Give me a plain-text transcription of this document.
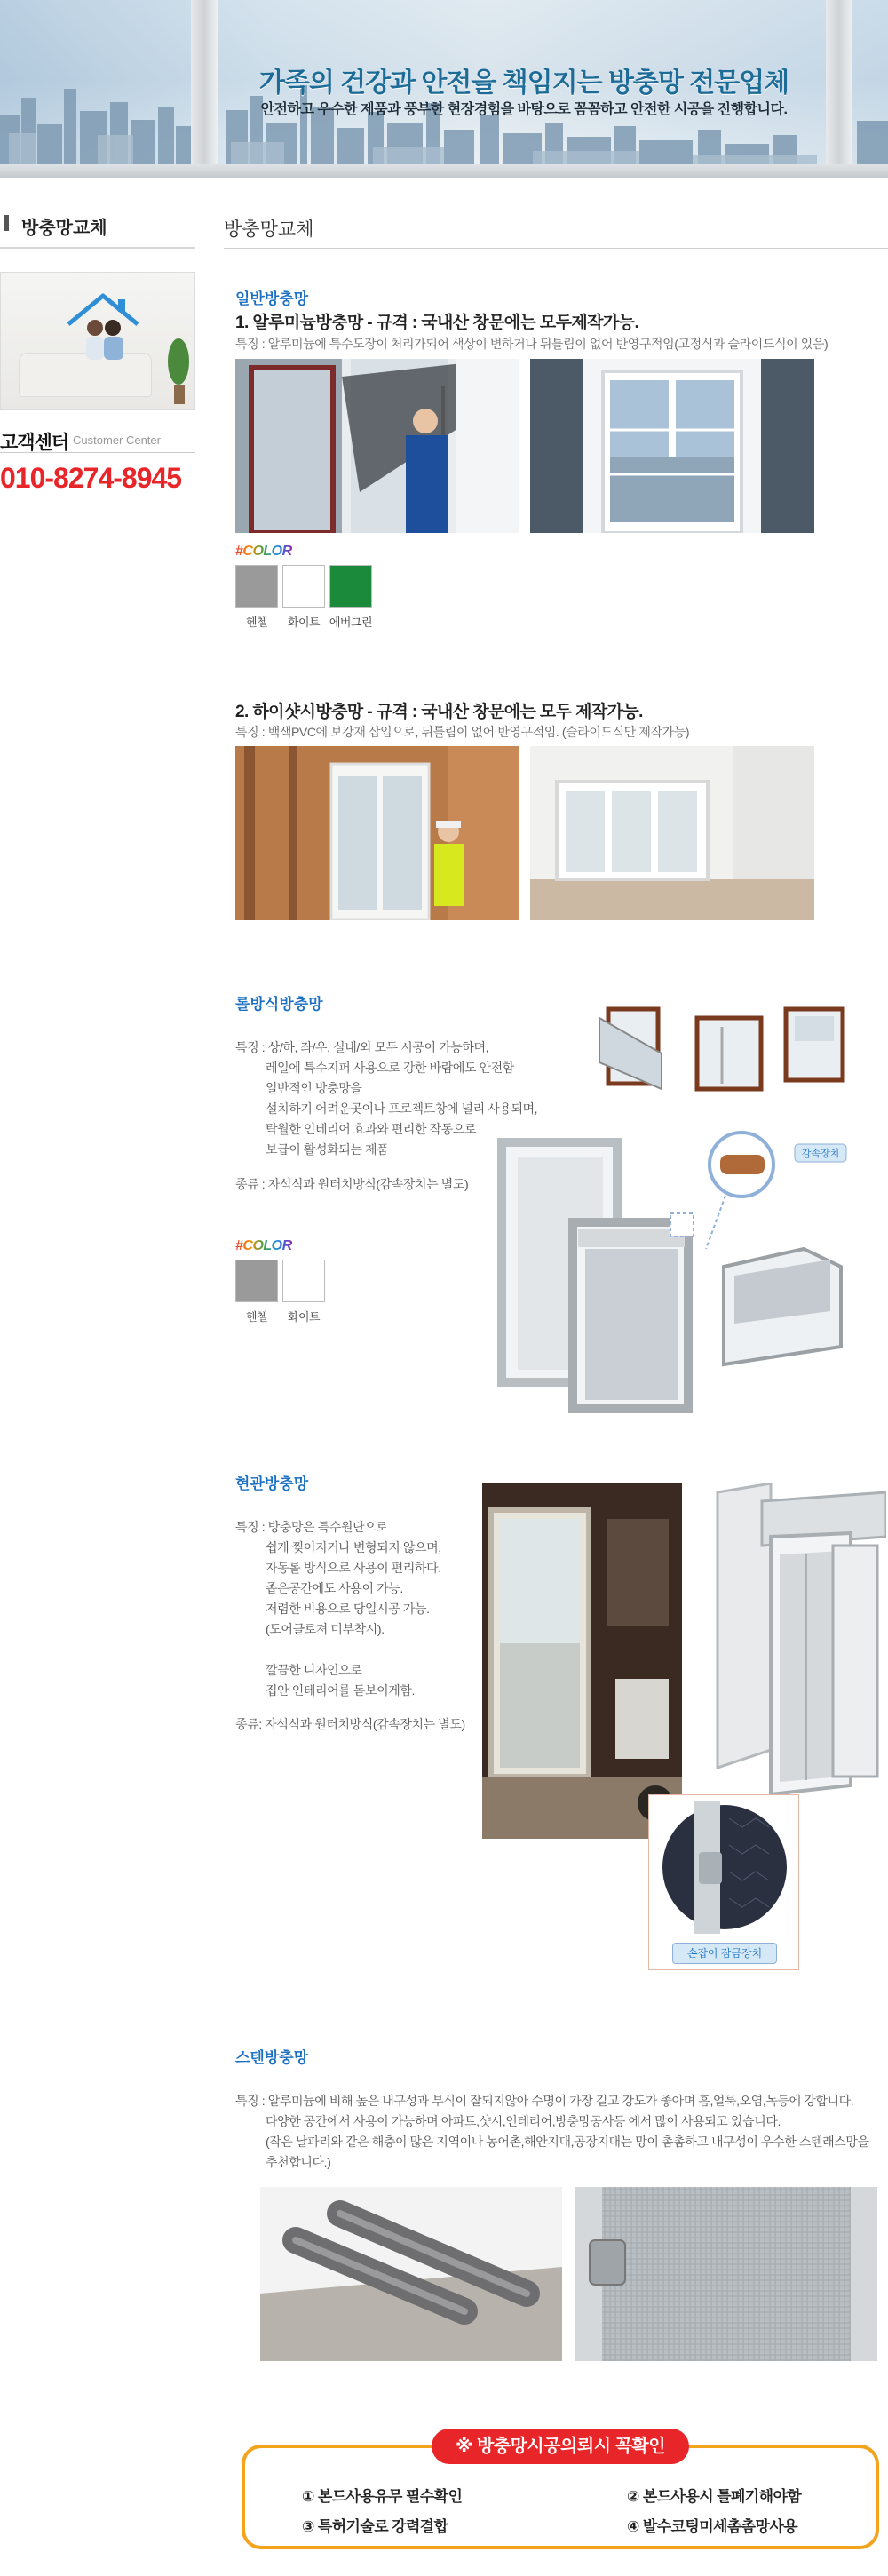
가족의 건강과 안전을 책임지는 방충망 전문업체
안전하고 우수한 제품과 풍부한 현장경험을 바탕으로 꼼꼼하고 안전한 시공을 진행합니다.
방충망교체
고객센터 Customer Center
010-8274-8945
방충망교체
일반방충망
1. 알루미늄방충망 - 규격 : 국내산 창문에는 모두제작가능.
특징 : 알루미늄에 특수도장이 처리가되어 색상이 변하거나 뒤틀림이 없어 반영구적임(고정식과 슬라이드식이 있음)
#COLOR
헨첼	화이트 에버그린
2. 하이샷시방충망 - 규격 : 국내산 창문에는 모두 제작가능.
특징 : 백색PVC에 보강재 삽입으로, 뒤틀림이 없어 반영구적임. (슬라이드식만 제작가능)
롤방식방충망
특징 : 상/하, 좌/우, 실내/외 모두 시공이 가능하며,
레일에 특수지퍼 사용으로 강한 바람에도 안전함
일반적인 방충망을
설치하기 어려운곳이나 프로젝트창에 널리 사용되며,
탁월한 인테리어 효과와 편리한 작동으로
보급이 활성화되는 제품
종류 : 자석식과 원터치방식(감속장치는 별도)
#COLOR
헨첼	화이트
감속장치
현관방충망
특징 : 방충망은 특수원단으로
쉽게 찢어지거나 변형되지 않으며,
자동롤 방식으로 사용이 편리하다.
좁은공간에도 사용이 가능.
저렴한 비용으로 당일시공 가능.
(도어클로져 미부착시).
깔끔한 디자인으로
집안 인테리어를 돋보이게함.
종류: 자석식과 원터치방식(감속장치는 별도)
손잡이 잠금장치
스텐방충망
특징 : 알루미늄에 비해 높은 내구성과 부식이 잘되지않아 수명이 가장 길고 강도가 좋아며 흠,얼룩,오염,녹등에 강합니다.
다양한 공간에서 사용이 가능하며 아파트,샷시,인테리어,방충망공사등 에서 많이 사용되고 있습니다.
(작은 날파리와 같은 해충이 많은 지역이나 농어촌,해안지대,공장지대는 망이 촘촘하고 내구성이 우수한 스텐래스망을
추천합니다.)
※ 방충망시공의뢰시 꼭확인
① 본드사용유무 필수확인	② 본드사용시 틀폐기해야함
③ 특허기술로 강력결합	④ 발수코팅미세촘촘망사용
